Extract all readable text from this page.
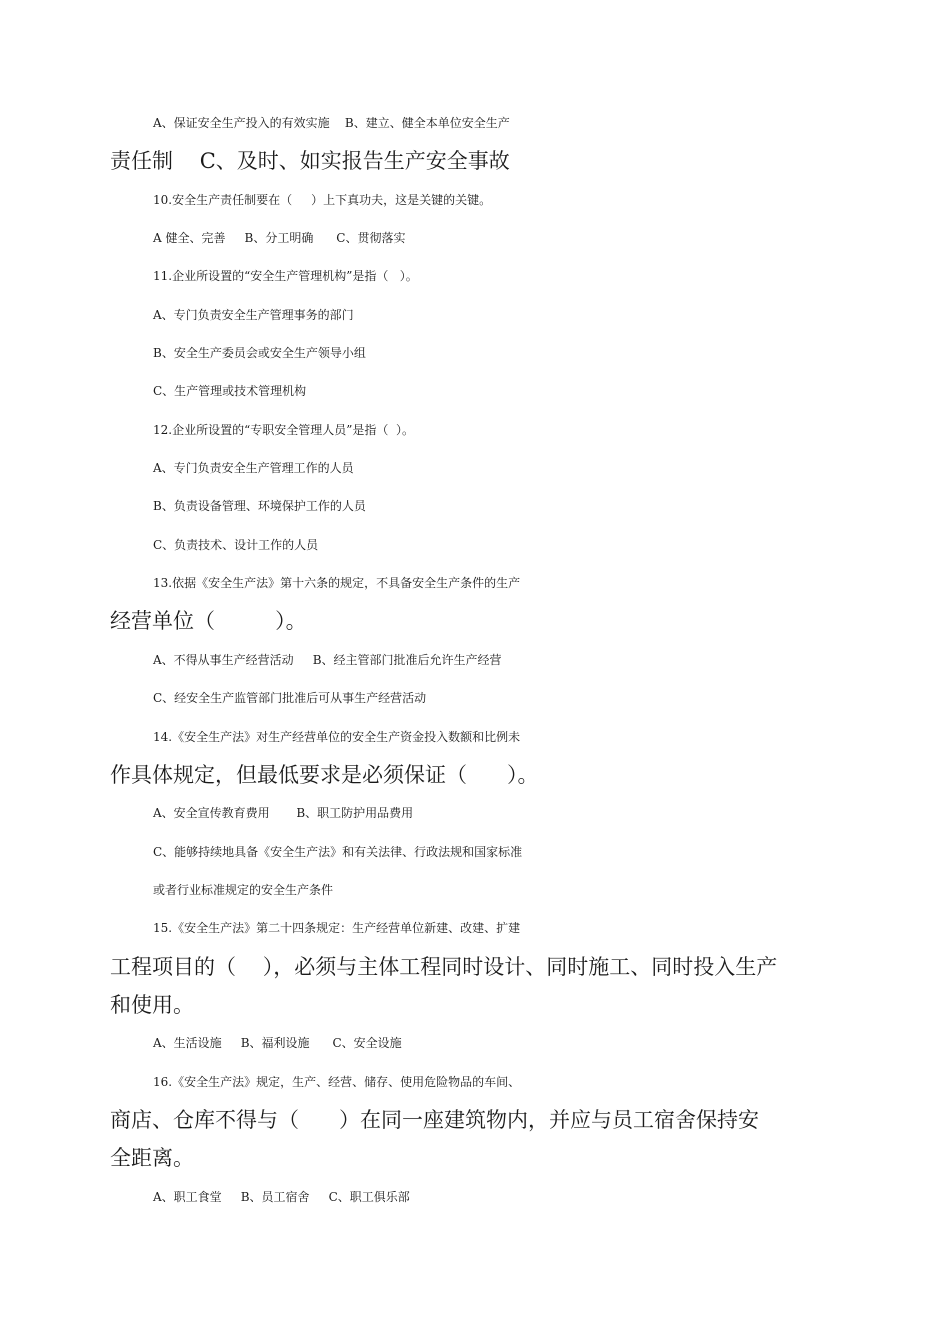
A、保证安全生产投入的有效实施    B、建立、健全本单位安全生产
责任制    C、及时、如实报告生产安全事故
10.安全生产责任制要在（     ）上下真功夫，这是关键的关键。
A 健全、完善     B、分工明确      C、贯彻落实
11.企业所设置的“安全生产管理机构”是指（   ）。
A、专门负责安全生产管理事务的部门
B、安全生产委员会或安全生产领导小组
C、生产管理或技术管理机构
12.企业所设置的“专职安全管理人员”是指（  ）。
A、专门负责安全生产管理工作的人员
B、负责设备管理、环境保护工作的人员
C、负责技术、设计工作的人员
13.依据《安全生产法》第十六条的规定，不具备安全生产条件的生产
经营单位（         ）。
A、不得从事生产经营活动     B、经主管部门批准后允许生产经营
C、经安全生产监管部门批准后可从事生产经营活动
14.《安全生产法》对生产经营单位的安全生产资金投入数额和比例未
作具体规定，但最低要求是必须保证（      ）。
A、安全宣传教育费用       B、职工防护用品费用
C、能够持续地具备《安全生产法》和有关法律、行政法规和国家标准
或者行业标准规定的安全生产条件
15.《安全生产法》第二十四条规定：生产经营单位新建、改建、扩建
工程项目的（    ），必须与主体工程同时设计、同时施工、同时投入生产
和使用。
A、生活设施     B、福利设施      C、安全设施
16.《安全生产法》规定，生产、经营、储存、使用危险物品的车间、
商店、仓库不得与（      ）在同一座建筑物内，并应与员工宿舍保持安
全距离。
A、职工食堂     B、员工宿舍     C、职工俱乐部
